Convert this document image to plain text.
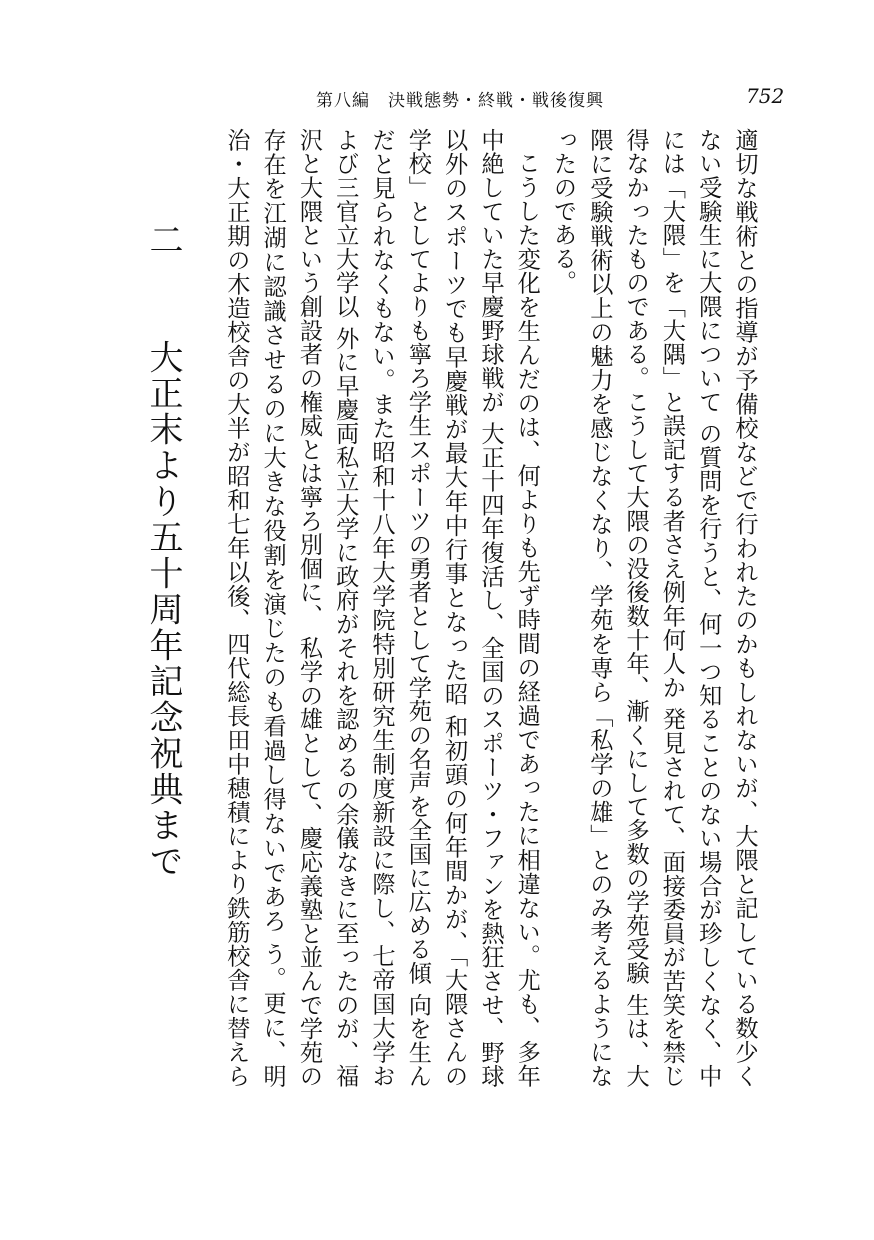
第八編　決戦態勢・終戦・戦後復興	752

適切な戦術との指導が予備校などで行われたのかもしれないが、大隈と記している数少くない受験生に大隈について の質問を行うと、何一つ知ることのない場合が珍しくなく、中には「大隈」を「大隅」と誤記する者さえ例年何人か 発見されて、面接委員が苦笑を禁じ得なかったものである。こうして大隈の没後数十年、漸くにして多数の学苑受験 生は、大隈に受験戦術以上の魅力を感じなくなり、学苑を専ら「私学の雄」とのみ考えるようになったのである。

こうした変化を生んだのは、何よりも先ず時間の経過であったに相違ない。尤も、多年中絶していた早慶野球戦が 大正十四年復活し、全国のスポーツ・ファンを熱狂させ、野球以外のスポーツでも早慶戦が最大年中行事となった昭 和初頭の何年間かが、「大隈さんの学校」としてよりも寧ろ学生スポーツの勇者として学苑の名声を全国に広める傾 向を生んだと見られなくもない。また昭和十八年大学院特別研究生制度新設に際し、七帝国大学および三官立大学以 外に早慶両私立大学に政府がそれを認めるの余儀なきに至ったのが、福沢と大隈という創設者の権威とは寧ろ別個に、 私学の雄として、慶応義塾と並んで学苑の存在を江湖に認識させるのに大きな役割を演じたのも看過し得ないであろ う。更に、明治・大正期の木造校舎の大半が昭和七年以後、四代総長田中穂積により鉄筋校舎に替えら

二 　 大正末より五十周年記念祝典まで
